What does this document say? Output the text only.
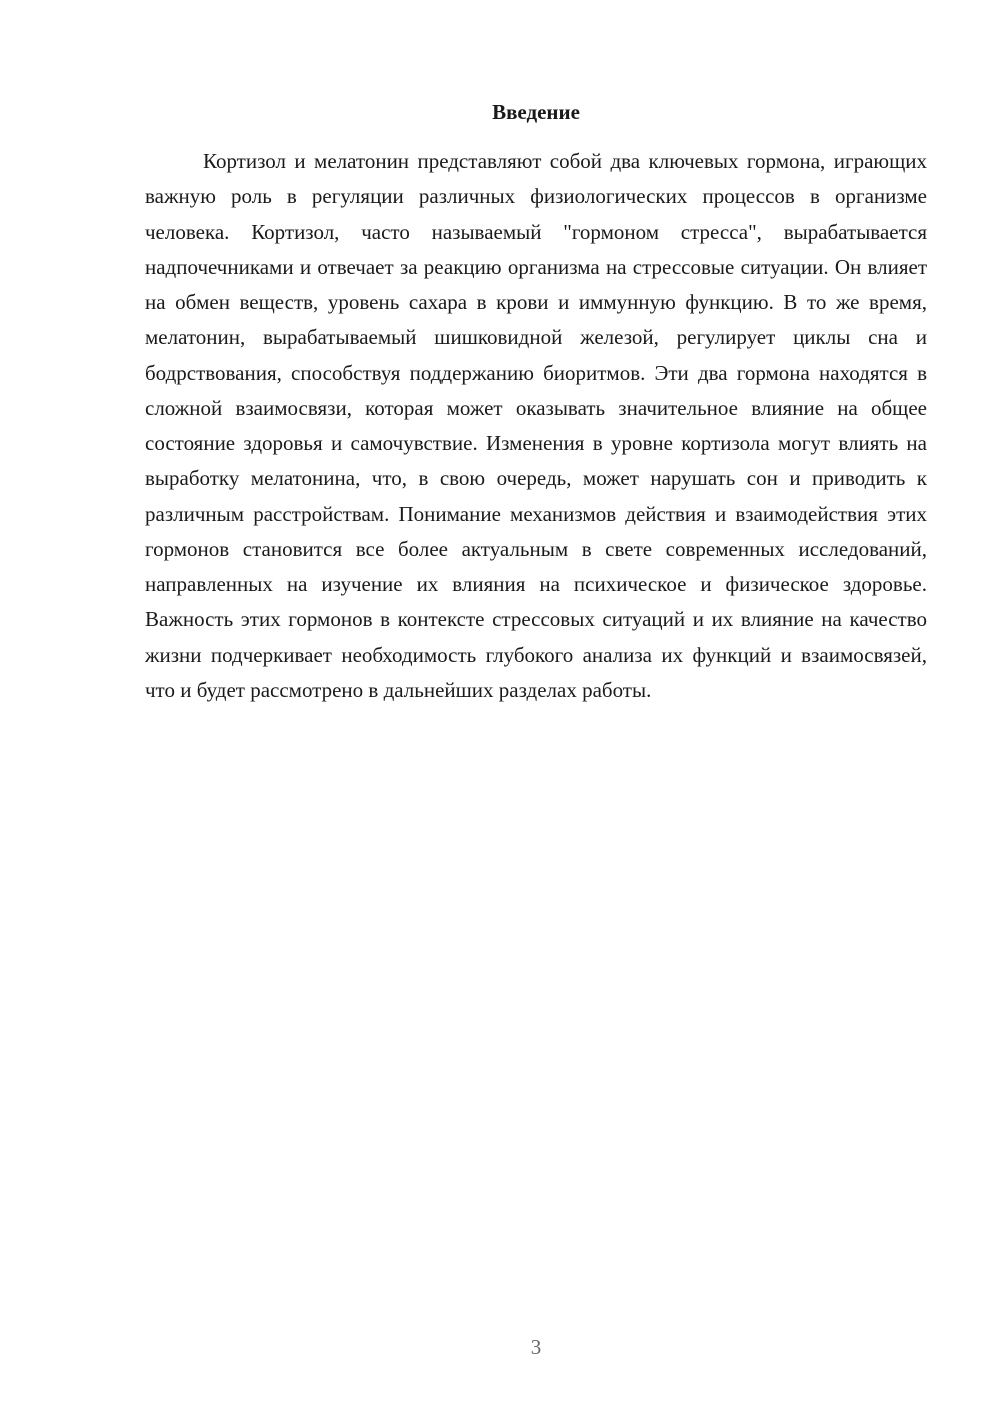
Введение

Кортизол и мелатонин представляют собой два ключевых гормона, играющих важную роль в регуляции различных физиологических процессов в организме человека. Кортизол, часто называемый "гормоном стресса", вырабатывается надпочечниками и отвечает за реакцию организма на стрессовые ситуации. Он влияет на обмен веществ, уровень сахара в крови и иммунную функцию. В то же время, мелатонин, вырабатываемый шишковидной железой, регулирует циклы сна и бодрствования, способствуя поддержанию биоритмов. Эти два гормона находятся в сложной взаимосвязи, которая может оказывать значительное влияние на общее состояние здоровья и самочувствие. Изменения в уровне кортизола могут влиять на выработку мелатонина, что, в свою очередь, может нарушать сон и приводить к различным расстройствам. Понимание механизмов действия и взаимодействия этих гормонов становится все более актуальным в свете современных исследований, направленных на изучение их влияния на психическое и физическое здоровье. Важность этих гормонов в контексте стрессовых ситуаций и их влияние на качество жизни подчеркивает необходимость глубокого анализа их функций и взаимосвязей, что и будет рассмотрено в дальнейших разделах работы.

3
